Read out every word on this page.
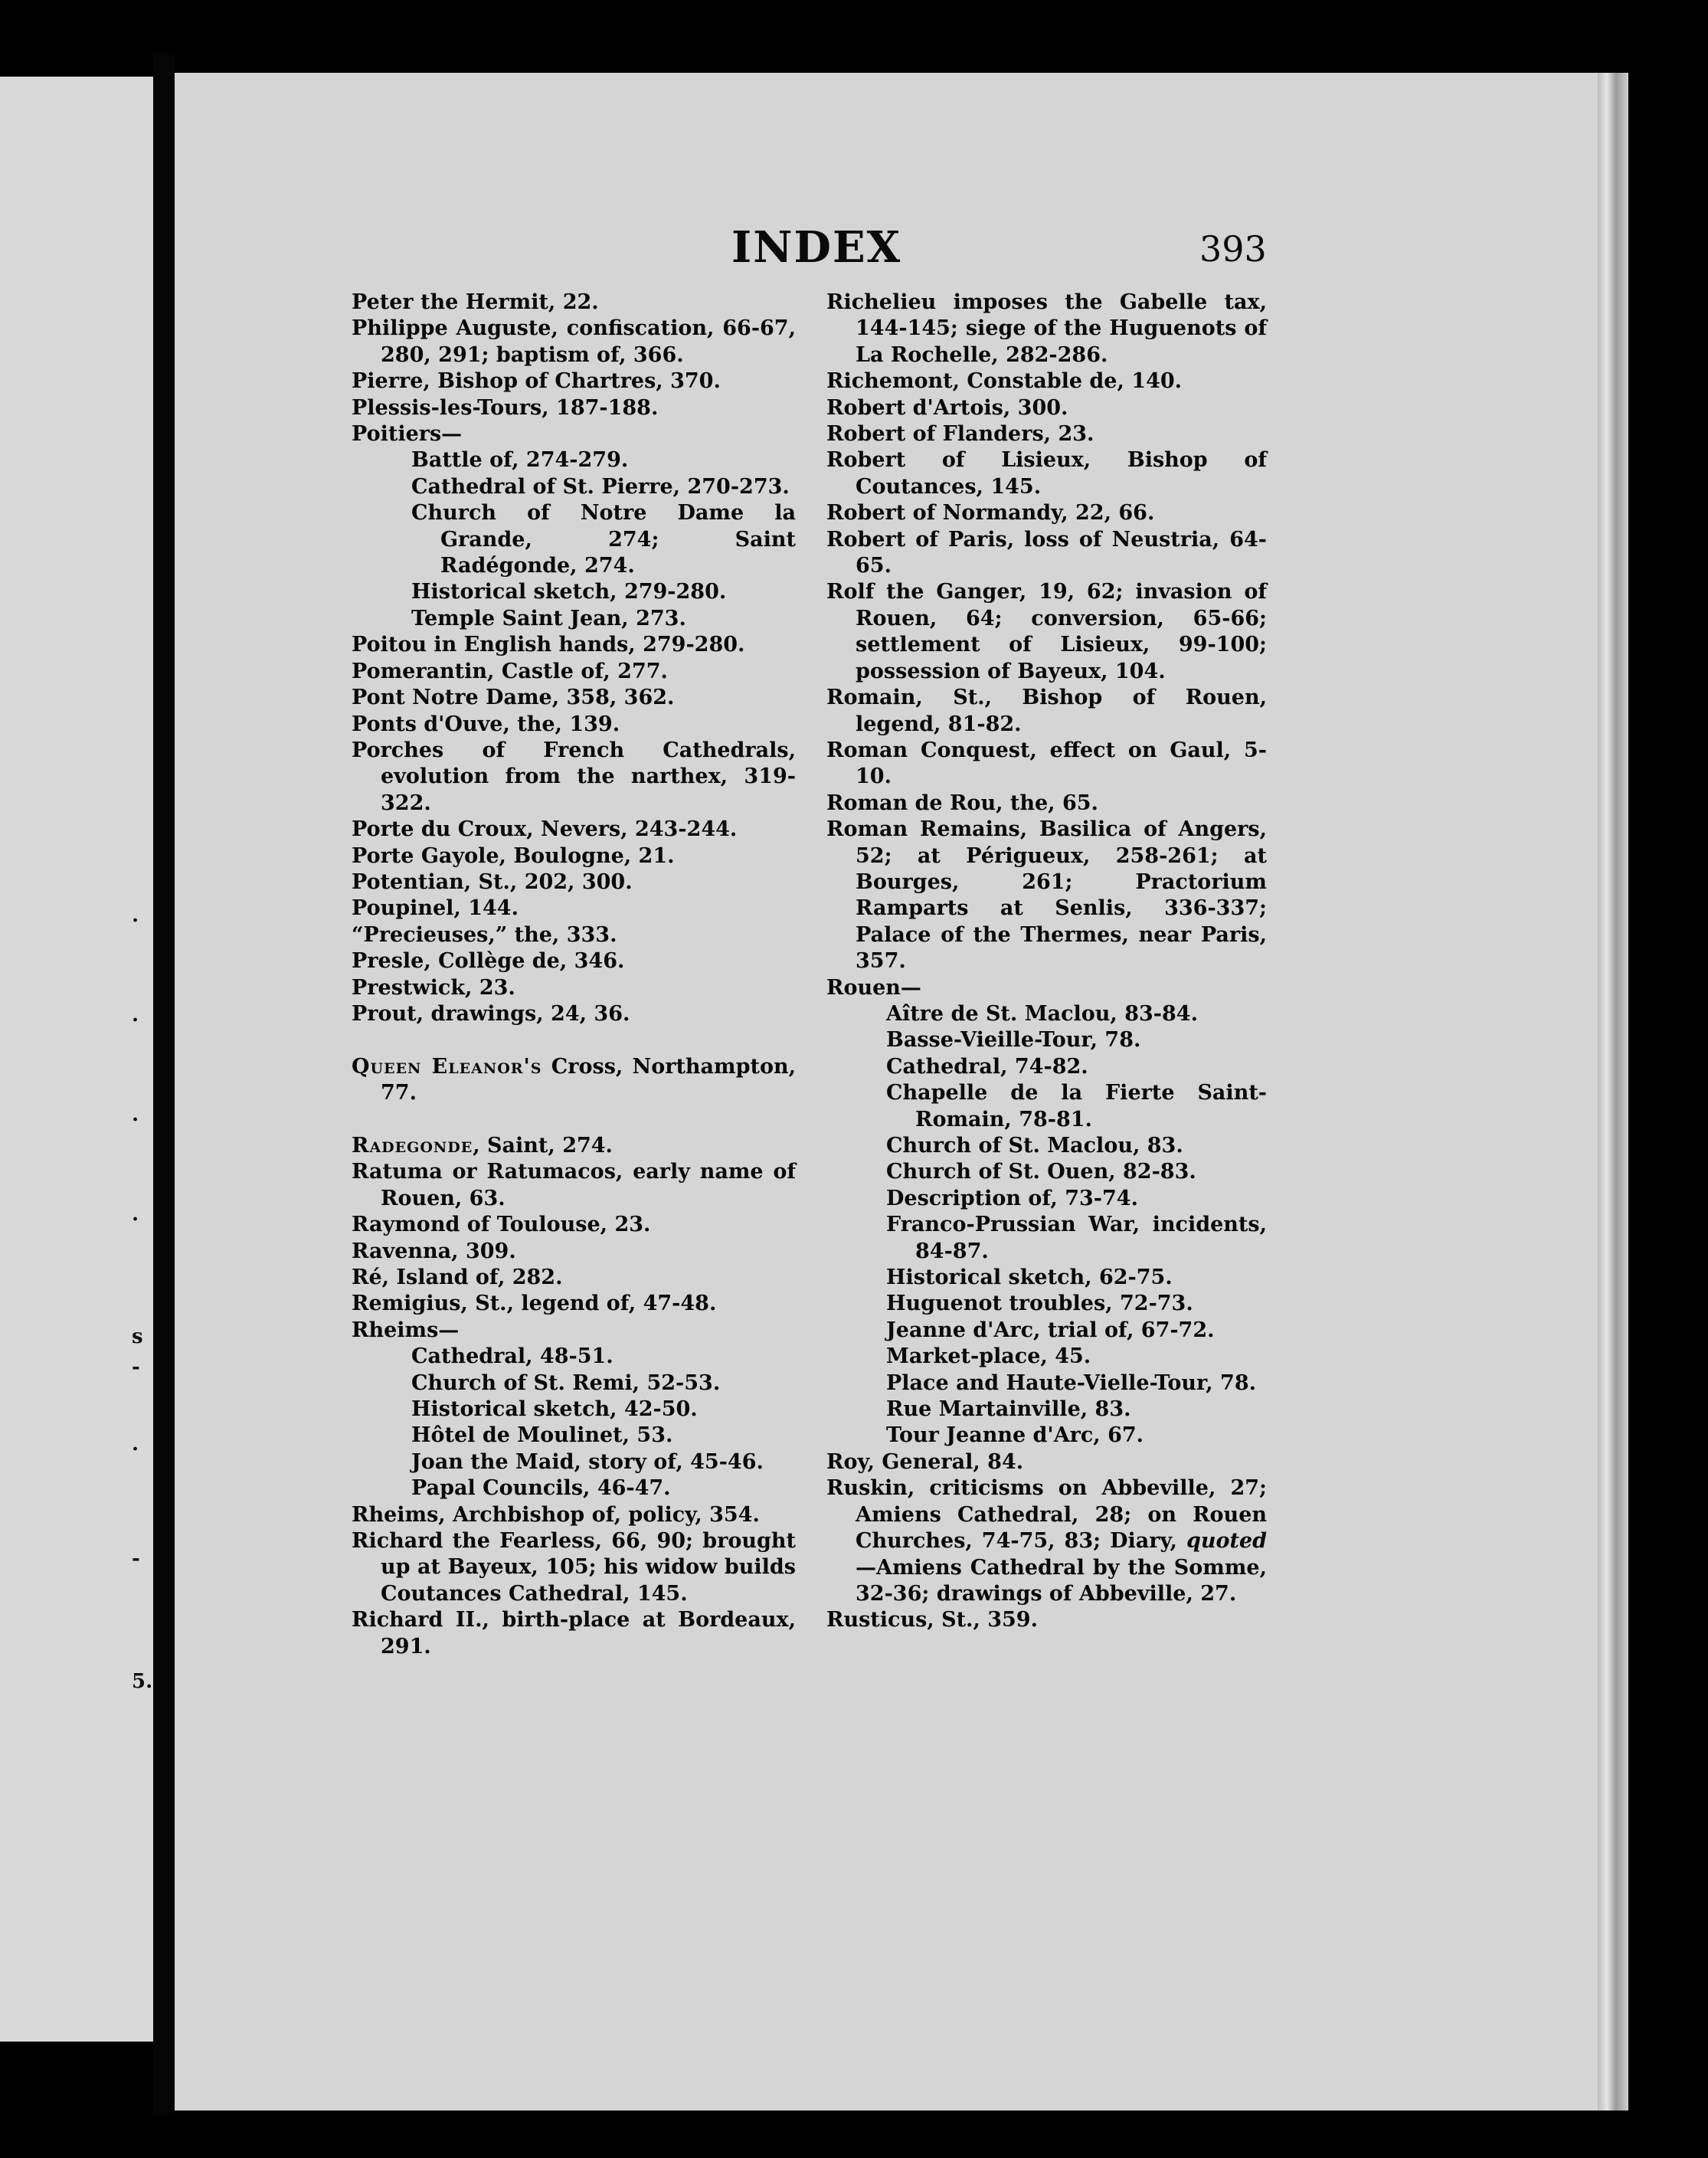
.
.
.
.
s
-
.
-
5.
INDEX	393

Peter the Hermit, 22.

Philippe Auguste, confiscation, 66-67, 280, 291; baptism of, 366.

Pierre, Bishop of Chartres, 370.

Plessis-les-Tours, 187-188.

Poitiers—

Battle of, 274-279.

Cathedral of St. Pierre, 270-273.

Church of Notre Dame la Grande, 274; Saint Radégonde, 274.

Historical sketch, 279-280.

Temple Saint Jean, 273.

Poitou in English hands, 279-280.

Pomerantin, Castle of, 277.

Pont Notre Dame, 358, 362.

Ponts d'Ouve, the, 139.

Porches of French Cathedrals, evolution from the narthex, 319-322.

Porte du Croux, Nevers, 243-244.

Porte Gayole, Boulogne, 21.

Potentian, St., 202, 300.

Poupinel, 144.

“Precieuses,” the, 333.

Presle, Collège de, 346.

Prestwick, 23.

Prout, drawings, 24, 36.

Queen Eleanor's Cross, Northampton, 77.

Radegonde, Saint, 274.

Ratuma or Ratumacos, early name of Rouen, 63.

Raymond of Toulouse, 23.

Ravenna, 309.

Ré, Island of, 282.

Remigius, St., legend of, 47-48.

Rheims—

Cathedral, 48-51.

Church of St. Remi, 52-53.

Historical sketch, 42-50.

Hôtel de Moulinet, 53.

Joan the Maid, story of, 45-46.

Papal Councils, 46-47.

Rheims, Archbishop of, policy, 354.

Richard the Fearless, 66, 90; brought up at Bayeux, 105; his widow builds Coutances Cathedral, 145.

Richard II., birth-place at Bordeaux, 291.

Richelieu imposes the Gabelle tax, 144-145; siege of the Huguenots of La Rochelle, 282-286.

Richemont, Constable de, 140.

Robert d'Artois, 300.

Robert of Flanders, 23.

Robert of Lisieux, Bishop of Coutances, 145.

Robert of Normandy, 22, 66.

Robert of Paris, loss of Neustria, 64-65.

Rolf the Ganger, 19, 62; invasion of Rouen, 64; conversion, 65-66; settlement of Lisieux, 99-100; possession of Bayeux, 104.

Romain, St., Bishop of Rouen, legend, 81-82.

Roman Conquest, effect on Gaul, 5-10.

Roman de Rou, the, 65.

Roman Remains, Basilica of Angers, 52; at Périgueux, 258-261; at Bourges, 261; Practorium Ramparts at Senlis, 336-337; Palace of the Thermes, near Paris, 357.

Rouen—

Aître de St. Maclou, 83-84.

Basse-Vieille-Tour, 78.

Cathedral, 74-82.

Chapelle de la Fierte Saint-Romain, 78-81.

Church of St. Maclou, 83.

Church of St. Ouen, 82-83.

Description of, 73-74.

Franco-Prussian War, incidents, 84-87.

Historical sketch, 62-75.

Huguenot troubles, 72-73.

Jeanne d'Arc, trial of, 67-72.

Market-place, 45.

Place and Haute-Vielle-Tour, 78.

Rue Martainville, 83.

Tour Jeanne d'Arc, 67.

Roy, General, 84.

Ruskin, criticisms on Abbeville, 27; Amiens Cathedral, 28; on Rouen Churches, 74-75, 83; Diary, quoted—Amiens Cathedral by the Somme, 32-36; drawings of Abbeville, 27.

Rusticus, St., 359.
